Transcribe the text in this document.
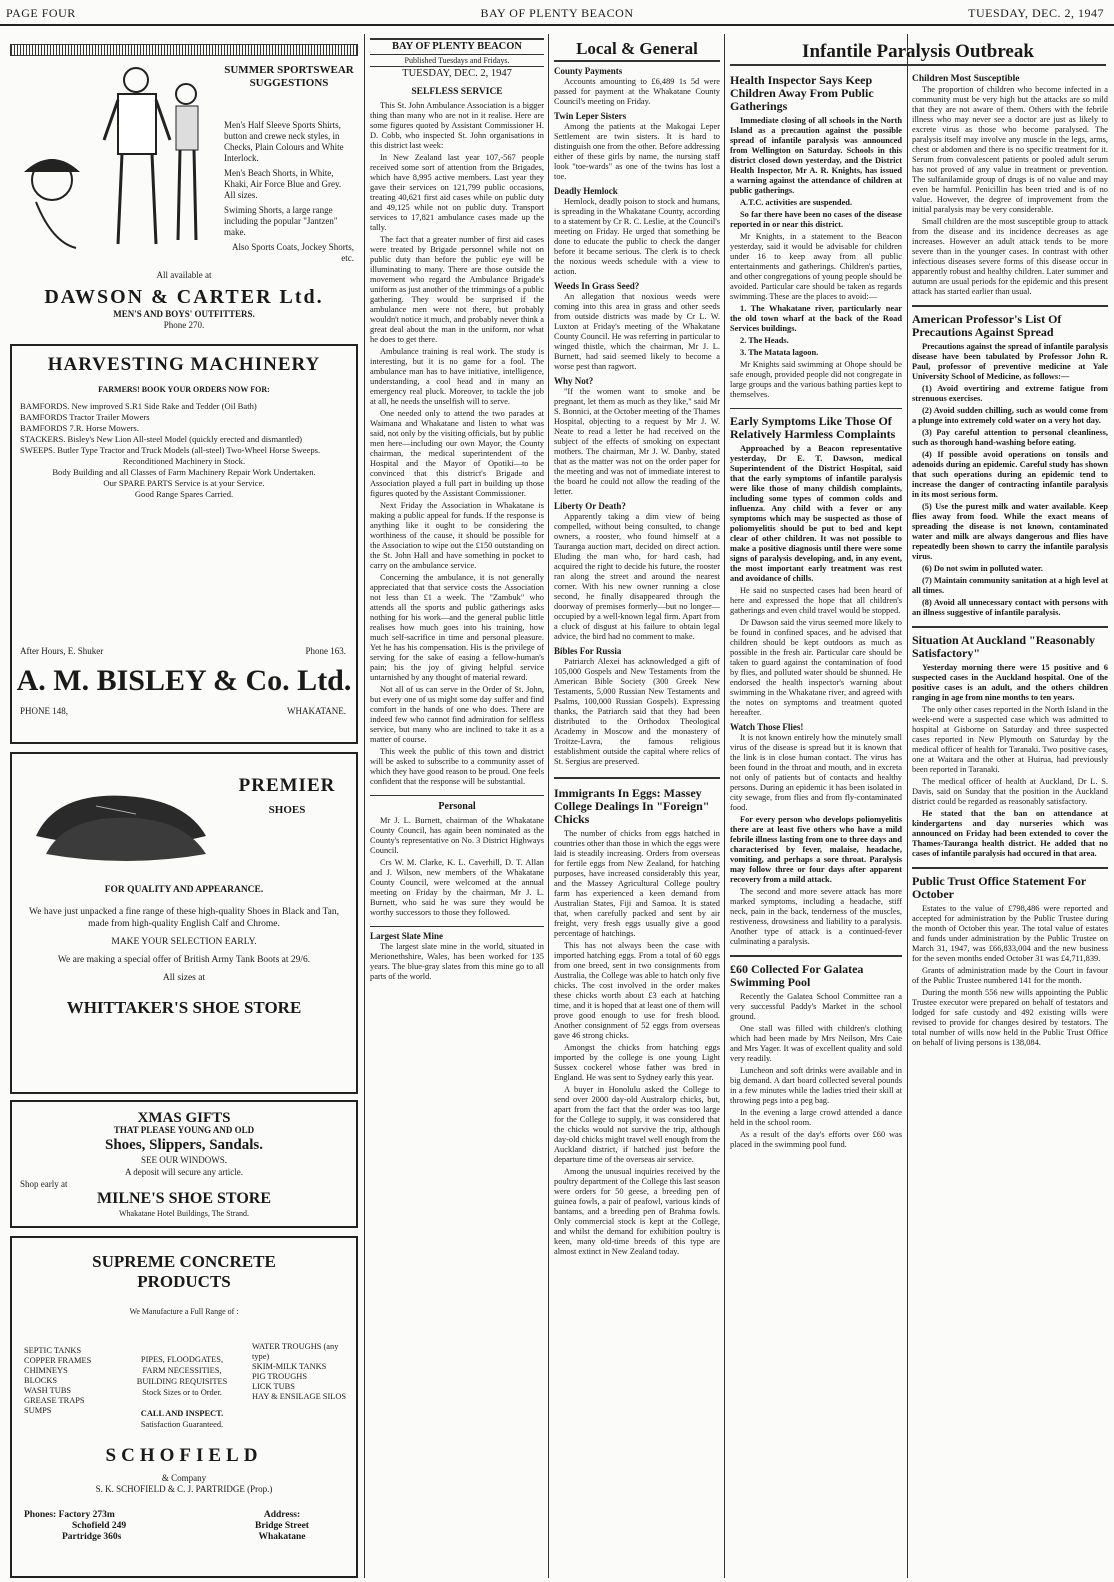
PAGE FOUR	BAY OF PLENTY BEACON	TUESDAY, DEC. 2, 1947
SUMMER SPORTSWEAR SUGGESTIONS

Men's Half Sleeve Sports Shirts, button and crewe neck styles, in Checks, Plain Colours and White Interlock.

Men's Beach Shorts, in White, Khaki, Air Force Blue and Grey. All sizes.

Swiming Shorts, a large range including the popular "Jantzen" make.

Also Sports Coats, Jockey Shorts, etc.

All available at
DAWSON & CARTER Ltd.
MEN'S AND BOYS' OUTFITTERS.
Phone 270.
HARVESTING MACHINERY
FARMERS! BOOK YOUR ORDERS NOW FOR:
BAMFORDS. New improved S.R1 Side Rake and Tedder (Oil Bath)
BAMFORDS Tractor Trailer Mowers
BAMFORDS 7.R. Horse Mowers.
STACKERS. Bisley's New Lion All-steel Model (quickly erected and dismantled)
SWEEPS. Butler Type Tractor and Truck Models (all-steel) Two-Wheel Horse Sweeps.
Reconditioned Machinery in Stock.
Body Building and all Classes of Farm Machinery Repair Work Undertaken.
Our SPARE PARTS Service is at your Service.
Good Range Spares Carried.
After Hours, E. Shuker	Phone 163.
A. M. BISLEY & Co. Ltd.
PHONE 148,	WHAKATANE.
PREMIER
SHOES
FOR QUALITY AND APPEARANCE.

We have just unpacked a fine range of these high-quality Shoes in Black and Tan, made from high-quality English Calf and Chrome.

MAKE YOUR SELECTION EARLY.

We are making a special offer of British Army Tank Boots at 29/6.

All sizes at
WHITTAKER'S SHOE STORE
XMAS GIFTS
THAT PLEASE YOUNG AND OLD
Shoes, Slippers, Sandals.
SEE OUR WINDOWS.
A deposit will secure any article.
Shop early at
MILNE'S SHOE STORE
Whakatane Hotel Buildings, The Strand.
SUPREME CONCRETE PRODUCTS
We Manufacture a Full Range of :
SEPTIC TANKS
COPPER FRAMES
CHIMNEYS
BLOCKS
WASH TUBS
GREASE TRAPS
SUMPS
PIPES, FLOODGATES,
FARM NECESSITIES,
BUILDING REQUISITES
Stock Sizes or to Order.
CALL AND INSPECT.
Satisfaction Guaranteed.
WATER TROUGHS (any type)
SKIM-MILK TANKS
PIG TROUGHS
LICK TUBS
HAY & ENSILAGE SILOS
SCHOFIELD
& Company
S. K. SCHOFIELD & C. J. PARTRIDGE (Prop.)
Phones: Factory 273m
Schofield 249
Partridge 360s
Address:
Bridge Street
Whakatane
BAY OF PLENTY BEACON
Published Tuesdays and Fridays.
TUESDAY, DEC. 2, 1947
SELFLESS SERVICE

This St. John Ambulance Association is a bigger thing than many who are not in it realise. Here are some figures quoted by Assistant Commissioner H. D. Cobb, who inspected St. John organisations in this district last week:

In New Zealand last year 107,-567 people received some sort of attention from the Brigades, which have 8,995 active members. Last year they gave their services on 121,799 public occasions, treating 40,621 first aid cases while on public duty and 49,125 while not on public duty. Transport services to 17,821 ambulance cases made up the tally.

The fact that a greater number of first aid cases were treated by Brigade personnel while not on public duty than before the public eye will be illuminating to many. There are those outside the movement who regard the Ambulance Brigade's uniform as just another of the trimmings of a public gathering. They would be surprised if the ambulance men were not there, but probably wouldn't notice it much, and probably never think a great deal about the man in the uniform, nor what he does to get there.

Ambulance training is real work. The study is interesting, but it is no game for a fool. The ambulance man has to have initiative, intelligence, understanding, a cool head and in many an emergency real pluck. Moreover, to tackle the job at all, he needs the unselfish will to serve.

One needed only to attend the two parades at Waimana and Whakatane and listen to what was said, not only by the visiting officials, but by public men here—including our own Mayor, the County chairman, the medical superintendent of the Hospital and the Mayor of Opotiki—to be convinced that this district's Brigade and Association played a full part in building up those figures quoted by the Assistant Commissioner.

Next Friday the Association in Whakatane is making a public appeal for funds. If the response is anything like it ought to be considering the worthiness of the cause, it should be possible for the Association to wipe out the £150 outstanding on the St. John Hall and have something in pocket to carry on the ambulance service.

Concerning the ambulance, it is not generally appreciated that that service costs the Association not less than £1 a week. The "Zambuk" who attends all the sports and public gatherings asks nothing for his work—and the general public little realises how much goes into his training, how much self-sacrifice in time and personal pleasure. Yet he has his compensation. His is the privilege of serving for the sake of easing a fellow-human's pain; his the joy of giving helpful service untarnished by any thought of material reward.

Not all of us can serve in the Order of St. John, but every one of us might some day suffer and find comfort in the hands of one who does. There are indeed few who cannot find admiration for selfless service, but many who are inclined to take it as a matter of course.

This week the public of this town and district will be asked to subscribe to a community asset of which they have good reason to be proud. One feels confident that the response will be substantial.

Personal

Mr J. L. Burnett, chairman of the Whakatane County Council, has again been nominated as the County's representative on No. 3 District Highways Council.

Crs W. M. Clarke, K. L. Caverhill, D. T. Allan and J. Wilson, new members of the Whakatane County Council, were welcomed at the annual meeting on Friday by the chairman, Mr J. L. Burnett, who said he was sure they would be worthy successors to those they followed.

Largest Slate Mine

The largest slate mine in the world, situated in Merionethshire, Wales, has been worked for 135 years. The blue-gray slates from this mine go to all parts of the world.

Local & General
County Payments

Accounts amounting to £6,489 1s 5d were passed for payment at the Whakatane County Council's meeting on Friday.

Twin Leper Sisters

Among the patients at the Makogai Leper Settlement are twin sisters. It is hard to distinguish one from the other. Before addressing either of these girls by name, the nursing staff look "toe-wards" as one of the twins has lost a toe.

Deadly Hemlock

Hemlock, deadly poison to stock and humans, is spreading in the Whakatane County, according to a statement by Cr R. C. Leslie, at the Council's meeting on Friday. He urged that something be done to educate the public to check the danger before it became serious. The clerk is to check the noxious weeds schedule with a view to action.

Weeds In Grass Seed?

An allegation that noxious weeds were coming into this area in grass and other seeds from outside districts was made by Cr L. W. Luxton at Friday's meeting of the Whakatane County Council. He was referring in particular to winged thistle, which the chairman, Mr J. L. Burnett, had said seemed likely to become a worse pest than ragwort.

Why Not?

"If the women want to smoke and be pregnant, let them as much as they like," said Mr S. Bonnici, at the October meeting of the Thames Hospital, objecting to a request by Mr J. W. Neate to read a letter he had received on the subject of the effects of smoking on expectant mothers. The chairman, Mr J. W. Danby, stated that as the matter was not on the order paper for the meeting and was not of immediate interest to the board he could not allow the reading of the letter.

Liberty Or Death?

Apparently taking a dim view of being compelled, without being consulted, to change owners, a rooster, who found himself at a Tauranga auction mart, decided on direct action. Eluding the man who, for hard cash, had acquired the right to decide his future, the rooster ran along the street and around the nearest corner. With his new owner running a close second, he finally disappeared through the doorway of premises formerly—but no longer—occupied by a well-known legal firm. Apart from a cluck of disgust at his failure to obtain legal advice, the bird had no comment to make.

Bibles For Russia

Patriarch Alexei has acknowledged a gift of 105,000 Gospels and New Testaments from the American Bible Society (300 Greek New Testaments, 5,000 Russian New Testaments and Psalms, 100,000 Russian Gospels). Expressing thanks, the Patriarch said that they had been distributed to the Orthodox Theological Academy in Moscow and the monastery of Troitze-Lavra, the famous religious establishment outside the capital where relics of St. Sergius are preserved.

Immigrants In Eggs: Massey College Dealings In "Foreign" Chicks

The number of chicks from eggs hatched in countries other than those in which the eggs were laid is steadily increasing. Orders from overseas for fertile eggs from New Zealand, for hatching purposes, have increased considerably this year, and the Massey Agricultural College poultry farm has experienced a keen demand from Australian States, Fiji and Samoa. It is stated that, when carefully packed and sent by air freight, very fresh eggs usually give a good percentage of hatchings.

This has not always been the case with imported hatching eggs. From a total of 60 eggs from one breed, sent in two consignments from Australia, the College was able to hatch only five chicks. The cost involved in the order makes these chicks worth about £3 each at hatching time, and it is hoped that at least one of them will prove good enough to use for fresh blood. Another consignment of 52 eggs from overseas gave 46 strong chicks.

Amongst the chicks from hatching eggs imported by the college is one young Light Sussex cockerel whose father was bred in England. He was sent to Sydney early this year.

A buyer in Honolulu asked the College to send over 2000 day-old Australorp chicks, but, apart from the fact that the order was too large for the College to supply, it was considered that the chicks would not survive the trip, although day-old chicks might travel well enough from the Auckland district, if hatched just before the departure time of the overseas air service.

Among the unusual inquiries received by the poultry department of the College this last season were orders for 50 geese, a breeding pen of guinea fowls, a pair of peafowl, various kinds of bantams, and a breeding pen of Brahma fowls. Only commercial stock is kept at the College, and whilst the demand for exhibition poultry is keen, many old-time breeds of this type are almost extinct in New Zealand today.

Infantile Paralysis Outbreak
Health Inspector Says Keep Children Away From Public Gatherings

Immediate closing of all schools in the North Island as a precaution against the possible spread of infantile paralysis was announced from Wellington on Saturday. Schools in this district closed down yesterday, and the District Health Inspector, Mr A. R. Knights, has issued a warning against the attendance of children at public gatherings.

A.T.C. activities are suspended.

So far there have been no cases of the disease reported in or near this district.

Mr Knights, in a statement to the Beacon yesterday, said it would be advisable for children under 16 to keep away from all public entertainments and gatherings. Children's parties, and other congregations of young people should be avoided. Particular care should be taken as regards swimming. These are the places to avoid:—

1. The Whakatane river, particularly near the old town wharf at the back of the Road Services buildings.

2. The Heads.

3. The Matata lagoon.

Mr Knights said swimming at Ohope should be safe enough, provided people did not congregate in large groups and the various bathing parties kept to themselves.

Early Symptoms Like Those Of Relatively Harmless Complaints

Approached by a Beacon representative yesterday, Dr E. T. Dawson, medical Superintendent of the District Hospital, said that the early symptoms of infantile paralysis were like those of many childish complaints, including some types of common colds and influenza. Any child with a fever or any symptoms which may be suspected as those of poliomyelitis should be put to bed and kept clear of other children. It was not possible to make a positive diagnosis until there were some signs of paralysis developing, and, in any event, the most important early treatment was rest and avoidance of chills.

He said no suspected cases had been heard of here and expressed the hope that all children's gatherings and even child travel would be stopped.

Dr Dawson said the virus seemed more likely to be found in confined spaces, and he advised that children should be kept outdoors as much as possible in the fresh air. Particular care should be taken to guard against the contamination of food by flies, and polluted water should be shunned. He endorsed the health inspector's warning about swimming in the Whakatane river, and agreed with the notes on symptoms and treatment quoted hereafter.

Watch Those Flies!

It is not known entirely how the minutely small virus of the disease is spread but it is known that the link is in close human contact. The virus has been found in the throat and mouth, and in excreta not only of patients but of contacts and healthy persons. During an epidemic it has been isolated in city sewage, from flies and from fly-contaminated food.

For every person who develops poliomyelitis there are at least five others who have a mild febrile illness lasting from one to three days and characterised by fever, malaise, headache, vomiting, and perhaps a sore throat. Paralysis may follow three or four days after apparent recovery from a mild attack.

The second and more severe attack has more marked symptoms, including a headache, stiff neck, pain in the back, tenderness of the muscles, restiveness, drowsiness and liability to a paralysis. Another type of attack is a continued-fever culminating a paralysis.

£60 Collected For Galatea Swimming Pool

Recently the Galatea School Committee ran a very successful Paddy's Market in the school ground.

One stall was filled with children's clothing which had been made by Mrs Neilson, Mrs Caie and Mrs Yager. It was of excellent quality and sold very readily.

Luncheon and soft drinks were available and in big demand. A dart board collected several pounds in a few minutes while the ladies tried their skill at throwing pegs into a peg bag.

In the evening a large crowd attended a dance held in the school room.

As a result of the day's efforts over £60 was placed in the swimming pool fund.

Children Most Susceptible

The proportion of children who become infected in a community must be very high but the attacks are so mild that they are not aware of them. Others with the febrile illness who may never see a doctor are just as likely to excrete virus as those who become paralysed. The paralysis itself may involve any muscle in the legs, arms, chest or abdomen and there is no specific treatment for it. Serum from convalescent patients or pooled adult serum has not proved of any value in treatment or prevention. The sulfanilamide group of drugs is of no value and may even be harmful. Penicillin has been tried and is of no value. However, the degree of improvement from the initial paralysis may be very considerable.

Small children are the most susceptible group to attack from the disease and its incidence decreases as age increases. However an adult attack tends to be more severe than in the younger cases. In contrast with other infectious diseases severe forms of this disease occur in apparently robust and healthy children. Later summer and autumn are usual periods for the epidemic and this present attack has started earlier than usual.

American Professor's List Of Precautions Against Spread

Precautions against the spread of infantile paralysis disease have been tabulated by Professor John R. Paul, professor of preventive medicine at Yale University School of Medicine, as follows:—

(1) Avoid overtiring and extreme fatigue from strenuous exercises.

(2) Avoid sudden chilling, such as would come from a plunge into extremely cold water on a very hot day.

(3) Pay careful attention to personal cleanliness, such as thorough hand-washing before eating.

(4) If possible avoid operations on tonsils and adenoids during an epidemic. Careful study has shown that such operations during an epidemic tend to increase the danger of contracting infantile paralysis in its most serious form.

(5) Use the purest milk and water available. Keep flies away from food. While the exact means of spreading the disease is not known, contaminated water and milk are always dangerous and flies have repeatedly been shown to carry the infantile paralysis virus.

(6) Do not swim in polluted water.

(7) Maintain community sanitation at a high level at all times.

(8) Avoid all unnecessary contact with persons with an illness suggestive of infantile paralysis.

Situation At Auckland "Reasonably Satisfactory"

Yesterday morning there were 15 positive and 6 suspected cases in the Auckland hospital. One of the positive cases is an adult, and the others children ranging in age from nine months to ten years.

The only other cases reported in the North Island in the week-end were a suspected case which was admitted to hospital at Gisborne on Saturday and three suspected cases reported in New Plymouth on Saturday by the medical officer of health for Taranaki. Two positive cases, one at Waitara and the other at Huirua, had previously been reported in Taranaki.

The medical officer of health at Auckland, Dr L. S. Davis, said on Sunday that the position in the Auckland district could be regarded as reasonably satisfactory.

He stated that the ban on attendance at kindergartens and day nurseries which was announced on Friday had been extended to cover the Thames-Tauranga health district. He added that no cases of infantile paralysis had occured in that area.

Public Trust Office Statement For October

Estates to the value of £798,486 were reported and accepted for administration by the Public Trustee during the month of October this year. The total value of estates and funds under administration by the Public Trustee on March 31, 1947, was £66,833,004 and the new business for the seven months ended October 31 was £4,711,839.

Grants of administration made by the Court in favour of the Public Trustee numbered 141 for the month.

During the month 556 new wills appointing the Public Trustee executor were prepared on behalf of testators and lodged for safe custody and 492 existing wills were revised to provide for changes desired by testators. The total number of wills now held in the Public Trust Office on behalf of living persons is 138,084.
